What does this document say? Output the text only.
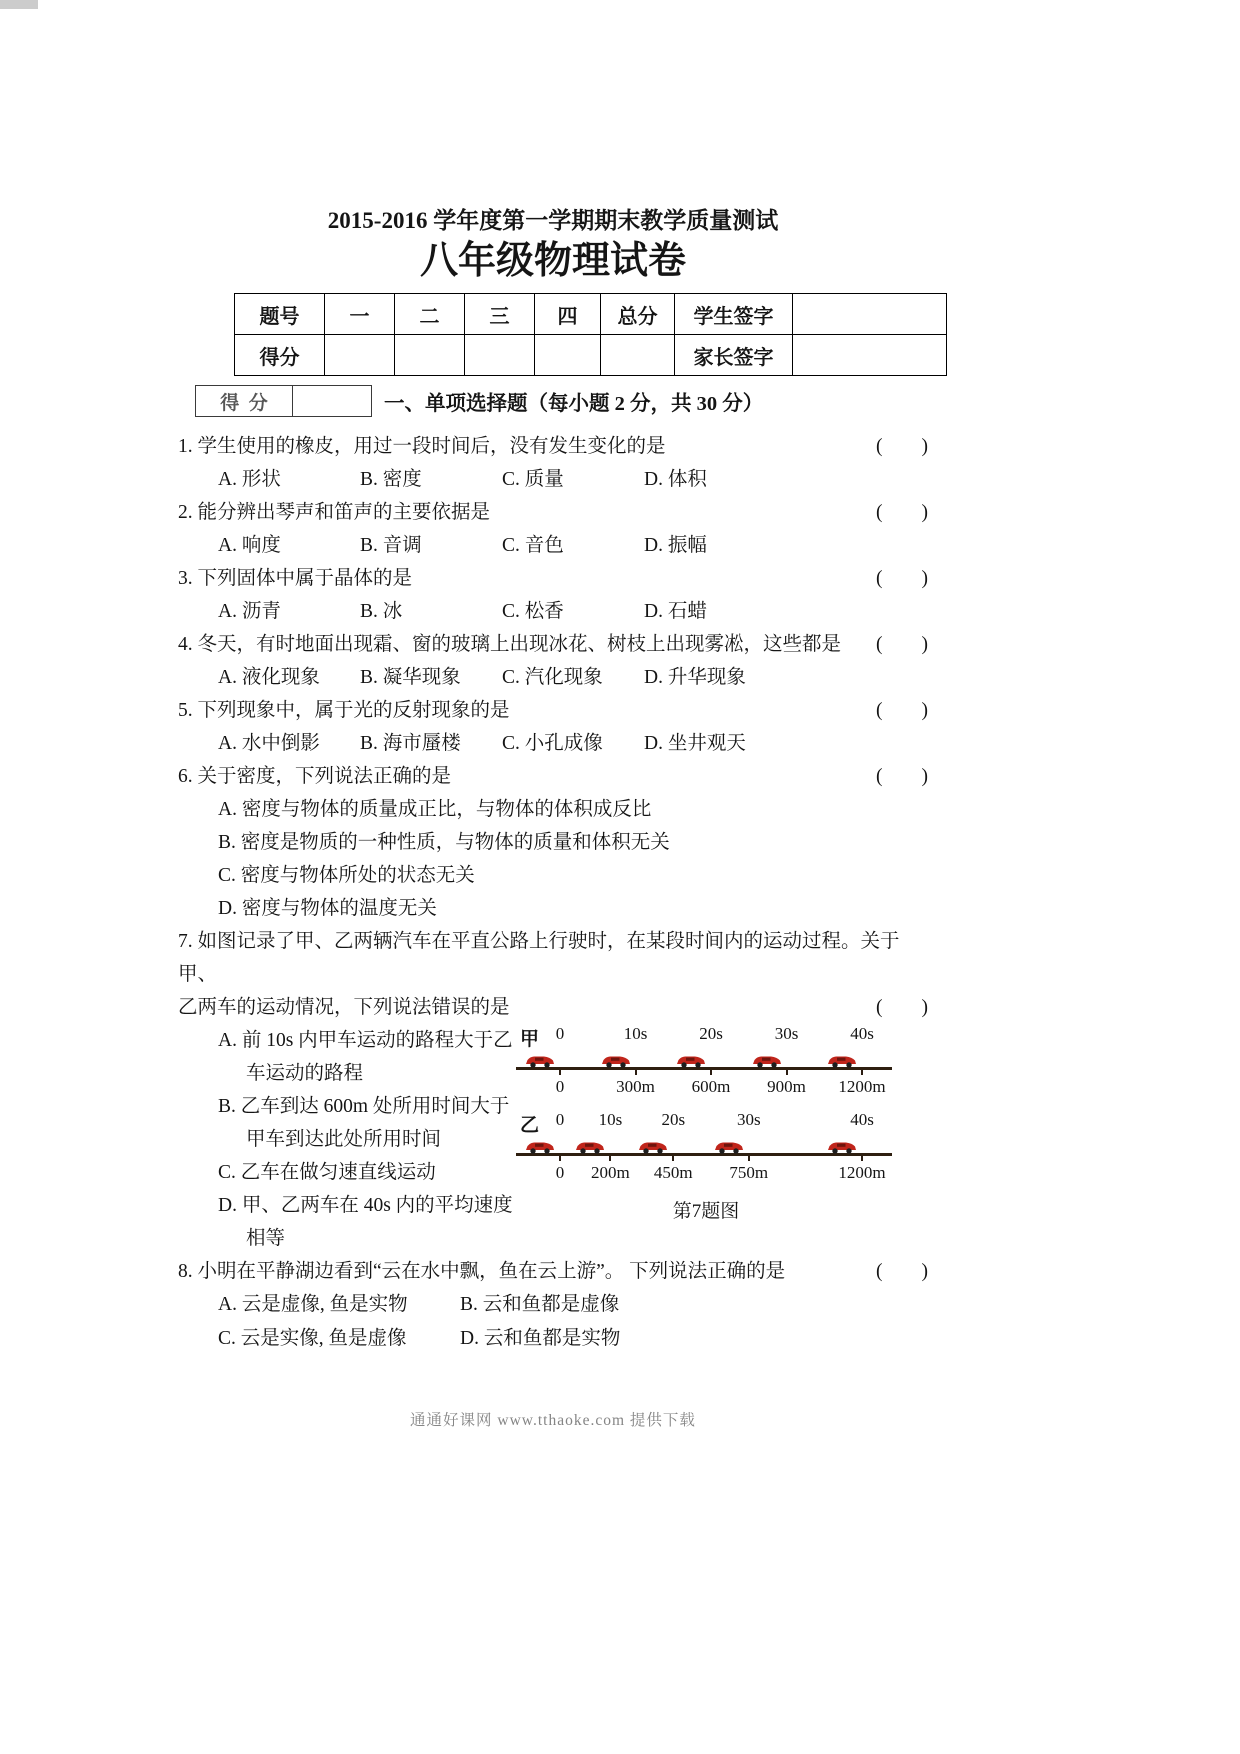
2015-2016 学年度第一学期期末教学质量测试
八年级物理试卷
题号	一	二	三	四	总分	学生签字	
得分						家长签字	
得  分	一、单项选择题（每小题 2 分，共 30 分）
1. 学生使用的橡皮，用过一段时间后，没有发生变化的是	(　　)
A. 形状	B. 密度	C. 质量	D. 体积
2. 能分辨出琴声和笛声的主要依据是	(　　)
A. 响度	B. 音调	C. 音色	D. 振幅
3. 下列固体中属于晶体的是	(　　)
A. 沥青	B. 冰	C. 松香	D. 石蜡
4. 冬天，有时地面出现霜、窗的玻璃上出现冰花、树枝上出现雾凇，这些都是 (　　)
A. 液化现象	B. 凝华现象	C. 汽化现象	D. 升华现象
5. 下列现象中，属于光的反射现象的是	(　　)
A. 水中倒影	B. 海市蜃楼	C. 小孔成像	D. 坐井观天
6. 关于密度，下列说法正确的是	(　　)
A. 密度与物体的质量成正比，与物体的体积成反比
B. 密度是物质的一种性质，与物体的质量和体积无关
C. 密度与物体所处的状态无关
D. 密度与物体的温度无关
7. 如图记录了甲、乙两辆汽车在平直公路上行驶时，在某段时间内的运动过程。关于甲、
乙两车的运动情况，下列说法错误的是	(　　)
A. 前 10s 内甲车运动的路程大于乙车运动的路程
B. 乙车到达 600m 处所用时间大于甲车到达此处所用时间
C. 乙车在做匀速直线运动
D. 甲、乙两车在 40s 内的平均速度相等
甲 0	10s	20s	30s	40s
0	300m 600m 900m 1200m
乙 0 10s 20s	30s	40s
0 200m 450m 750m	1200m
第7题图
8. 小明在平静湖边看到“云在水中飘，鱼在云上游”。 下列说法正确的是	(　　)
A. 云是虚像, 鱼是实物	B. 云和鱼都是虚像
C. 云是实像, 鱼是虚像	D. 云和鱼都是实物
通通好课网 www.tthaoke.com 提供下载
